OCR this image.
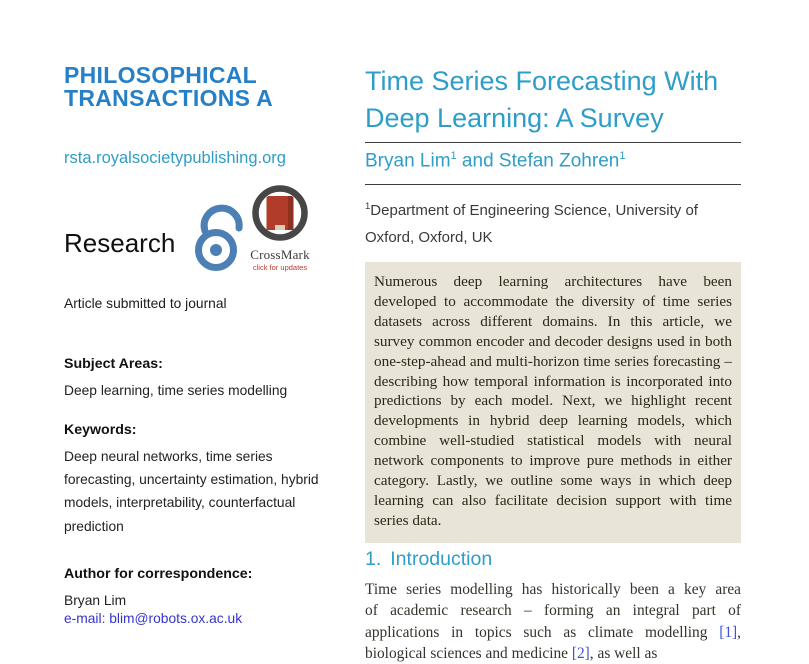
PHILOSOPHICAL
TRANSACTIONS A
rsta.royalsocietypublishing.org
Research	CrossMark
click for updates
Article submitted to journal
Subject Areas:
Deep learning, time series modelling
Keywords:
Deep neural networks, time series forecasting, uncertainty estimation, hybrid models, interpretability, counterfactual prediction
Author for correspondence:
Bryan Lim
e-mail: blim@robots.ox.ac.uk
Time Series Forecasting With
Deep Learning: A Survey
Bryan Lim$^1$ and Stefan Zohren$^1$
$^1$Department of Engineering Science, University of Oxford, Oxford, UK
Numerous deep learning architectures have been developed to accommodate the diversity of time series datasets across different domains. In this article, we survey common encoder and decoder designs used in both one-step-ahead and multi-horizon time series forecasting – describing how temporal information is incorporated into predictions by each model. Next, we highlight recent developments in hybrid deep learning models, which combine well-studied statistical models with neural network components to improve pure methods in either category. Lastly, we outline some ways in which deep learning can also facilitate decision support with time series data.
1. Introduction
Time series modelling has historically been a key area
of academic research – forming an integral part of
applications in topics such as climate modelling [1],
biological sciences and medicine [2], as well as
